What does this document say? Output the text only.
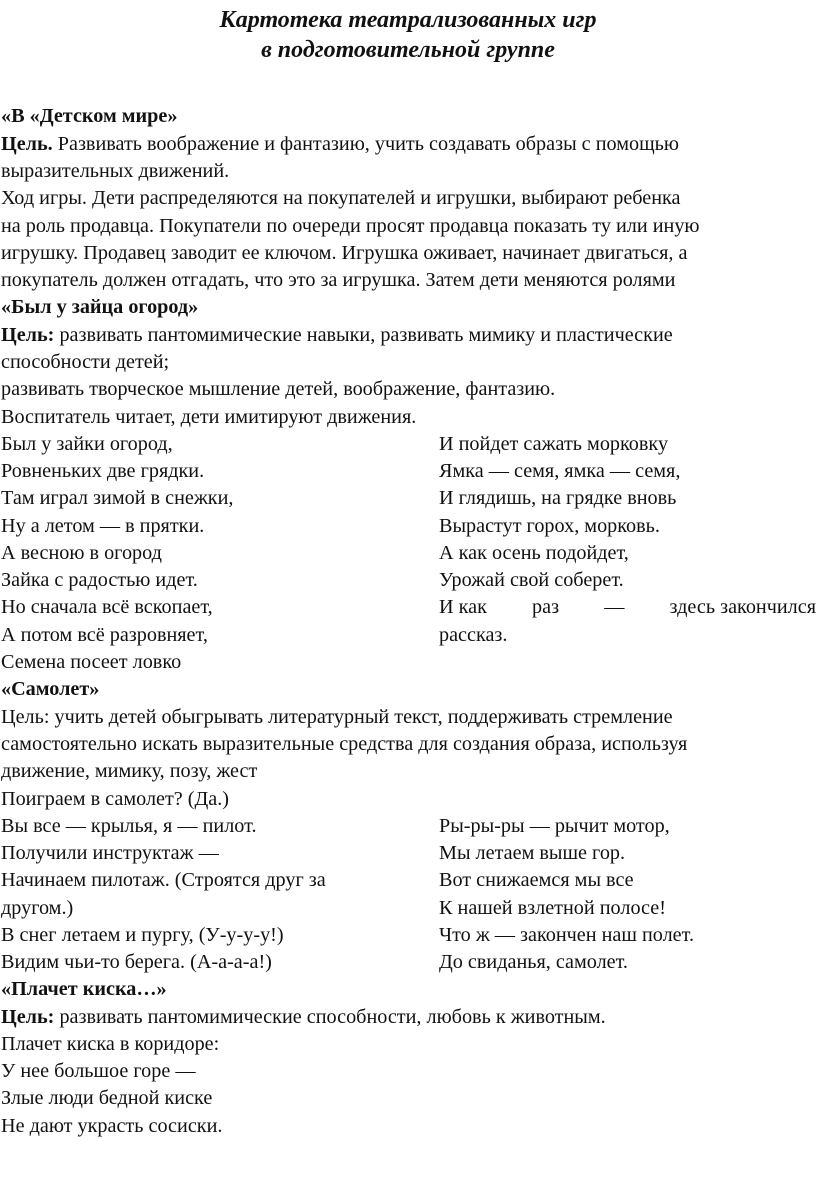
Картотека театрализованных игр
в подготовительной группе
«В «Детском мире»
Цель. Развивать воображение и фантазию, учить создавать образы с помощью
выразительных движений.
Ход игры. Дети распределяются на покупателей и игрушки, выбирают ребенка
на роль продавца. Покупатели по очереди просят продавца показать ту или иную
игрушку. Продавец заводит ее ключом. Игрушка оживает, начинает двигаться, а
покупатель должен отгадать, что это за игрушка. Затем дети меняются ролями
«Был у зайца огород»
Цель: развивать пантомимические навыки, развивать мимику и пластические
способности детей;
развивать творческое мышление детей, воображение, фантазию.
Воспитатель читает, дети имитируют движения.
Был у зайки огород,
Ровненьких две грядки.
Там играл зимой в снежки,
Ну а летом — в прятки.
А весною в огород
Зайка с радостью идет.
Но сначала всё вскопает,
А потом всё разровняет,
Семена посеет ловко
И пойдет сажать морковку
Ямка — семя, ямка — семя,
И глядишь, на грядке вновь
Вырастут горох, морковь.
А как осень подойдет,
Урожай свой соберет.
И как раз — здесь закончился
рассказ.
«Самолет»
Цель: учить детей обыгрывать литературный текст, поддерживать стремление
самостоятельно искать выразительные средства для создания образа, используя
движение, мимику, позу, жест
Поиграем в самолет? (Да.)
Вы все — крылья, я — пилот.
Получили инструктаж —
Начинаем пилотаж. (Строятся друг за
другом.)
В снег летаем и пургу, (У-у-у-у!)
Видим чьи-то берега. (А-а-а-а!)
Ры-ры-ры — рычит мотор,
Мы летаем выше гор.
Вот снижаемся мы все
К нашей взлетной полосе!
Что ж — закончен наш полет.
До свиданья, самолет.
«Плачет киска…»
Цель: развивать пантомимические способности, любовь к животным.
Плачет киска в коридоре:
У нее большое горе —
Злые люди бедной киске
Не дают украсть сосиски.
